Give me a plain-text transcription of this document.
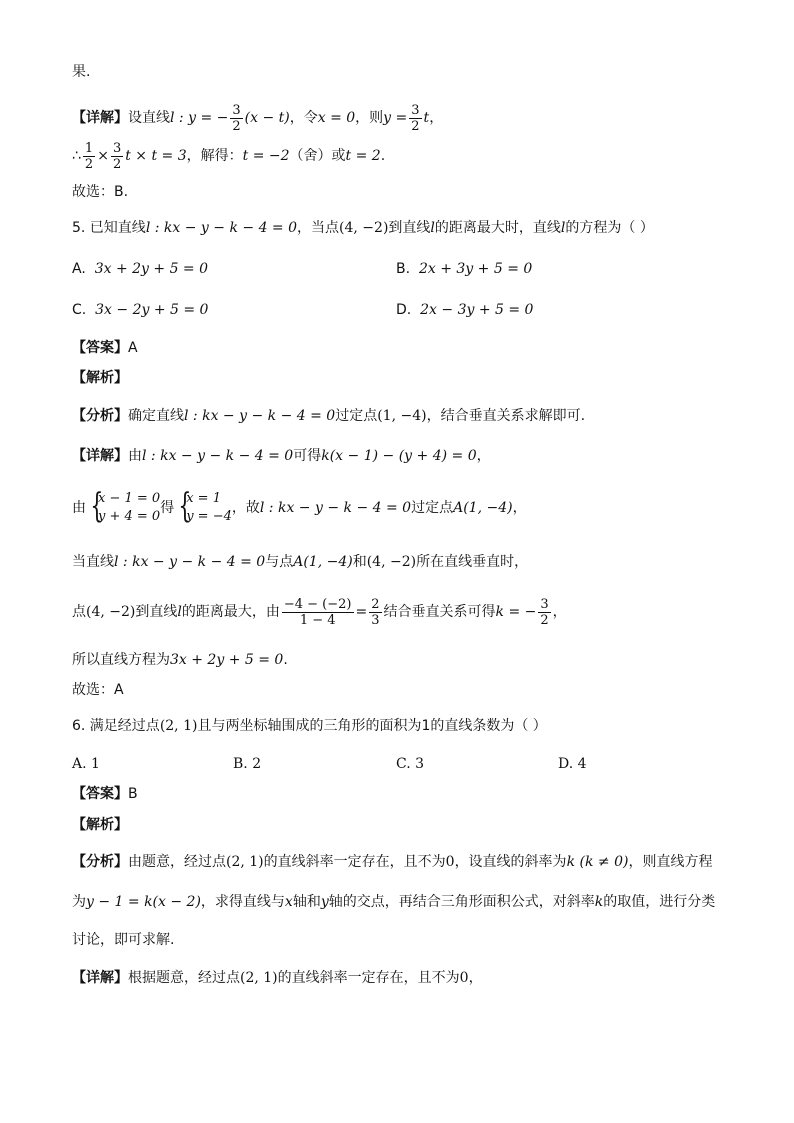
果.
【详解】设直线l : y = − $\frac{3}{2} (x - t)$，令x = 0，则$y = \frac{3}{2}$ t，
∴ $\frac{1}{2} \times \frac{3}{2}$ t × t = 3，解得：t = −2（舍）或t = 2.
故选：B.
5. 已知直线l : kx − y − k − 4 = 0，当点(4, −2)到直线l的距离最大时，直线l的方程为（ ）
A. 3x + 2y + 5 = 0	B. 2x + 3y + 5 = 0
C. 3x − 2y + 5 = 0	D. 2x − 3y + 5 = 0
【答案】A
【解析】
【分析】确定直线l : kx − y − k − 4 = 0过定点(1, −4)，结合垂直关系求解即可.
【详解】由l : kx − y − k − 4 = 0可得k(x − 1) − (y + 4) = 0，
由 {
x − 1 = 0
y + 4 = 0
得 {
x = 1
y = −4
，故l : kx − y − k − 4 = 0过定点A(1, −4)，
当直线l : kx − y − k − 4 = 0与点A(1, −4)和(4, −2)所在直线垂直时，
点(4, −2)到直线l的距离最大，由 $\frac{-4 - (-2)}{1 - 4} = \frac{2}{3}$ 结合垂直关系可得k = − $\frac{3}{2}$ ，
所以直线方程为3x + 2y + 5 = 0.
故选：A
6. 满足经过点(2, 1)且与两坐标轴围成的三角形的面积为1的直线条数为（ ）
A. 1	B. 2	C. 3	D. 4
【答案】B
【解析】
【分析】由题意，经过点(2, 1)的直线斜率一定存在，且不为0，设直线的斜率为k (k ≠ 0)，则直线方程
为y − 1 = k(x − 2)，求得直线与x轴和y轴的交点，再结合三角形面积公式，对斜率k的取值，进行分类
讨论，即可求解.
【详解】根据题意，经过点(2, 1)的直线斜率一定存在，且不为0，
